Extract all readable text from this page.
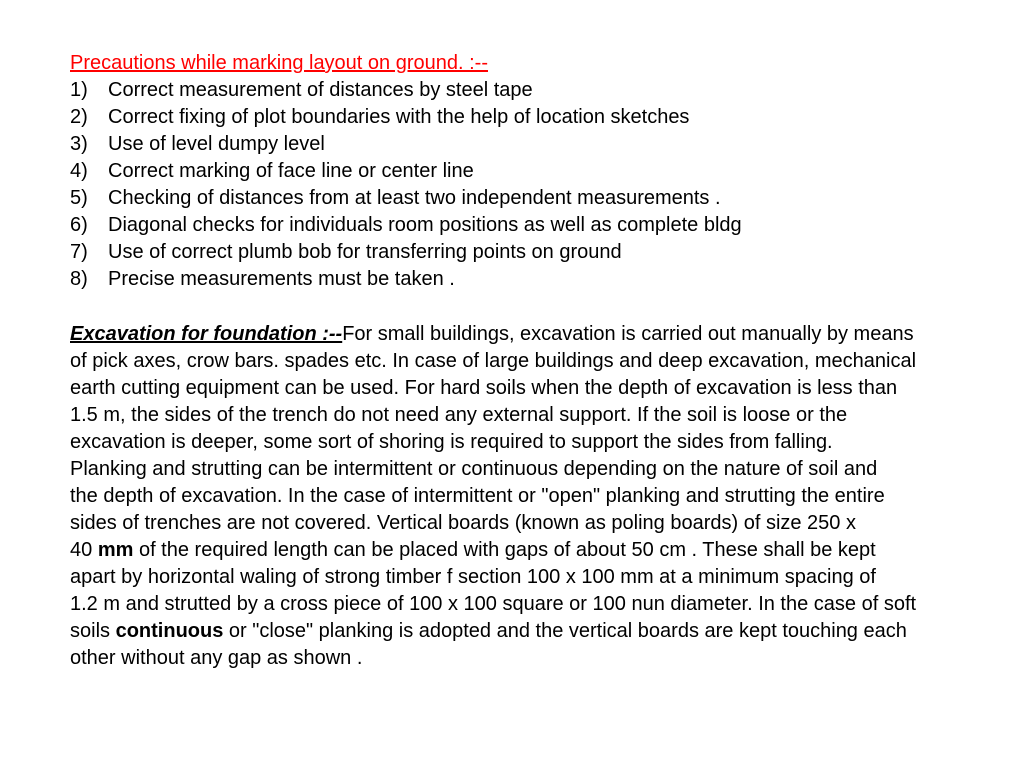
Precautions while marking layout on ground. :--
1) Correct measurement of distances by steel tape
2) Correct fixing of plot boundaries with the help of location sketches
3) Use of level dumpy level
4) Correct marking of face line or center line
5) Checking of distances from at least two independent measurements .
6) Diagonal checks for individuals room positions as well as complete bldg
7) Use of correct plumb bob for transferring points on ground
8) Precise measurements must be taken .
Excavation for foundation :--For small buildings, excavation is carried out manually by means
of pick axes, crow bars. spades etc. In case of large buildings and deep excavation, mechanical
earth cutting equipment can be used. For hard soils when the depth of excavation is less than
1.5 m, the sides of the trench do not need any external support. If the soil is loose or the
excavation is deeper, some sort of shoring is required to support the sides from falling.
Planking and strutting can be intermittent or continuous depending on the nature of soil and
the depth of excavation. In the case of intermittent or "open" planking and strutting the entire
sides of trenches are not covered. Vertical boards (known as poling boards) of size 250 x
40 mm of the required length can be placed with gaps of about 50 cm . These shall be kept
apart by horizontal waling of strong timber f section 100 x 100 mm at a minimum spacing of
1.2 m and strutted by a cross piece of 100 x 100 square or 100 nun diameter. In the case of soft
soils continuous or "close" planking is adopted and the vertical boards are kept touching each
other without any gap as shown .
